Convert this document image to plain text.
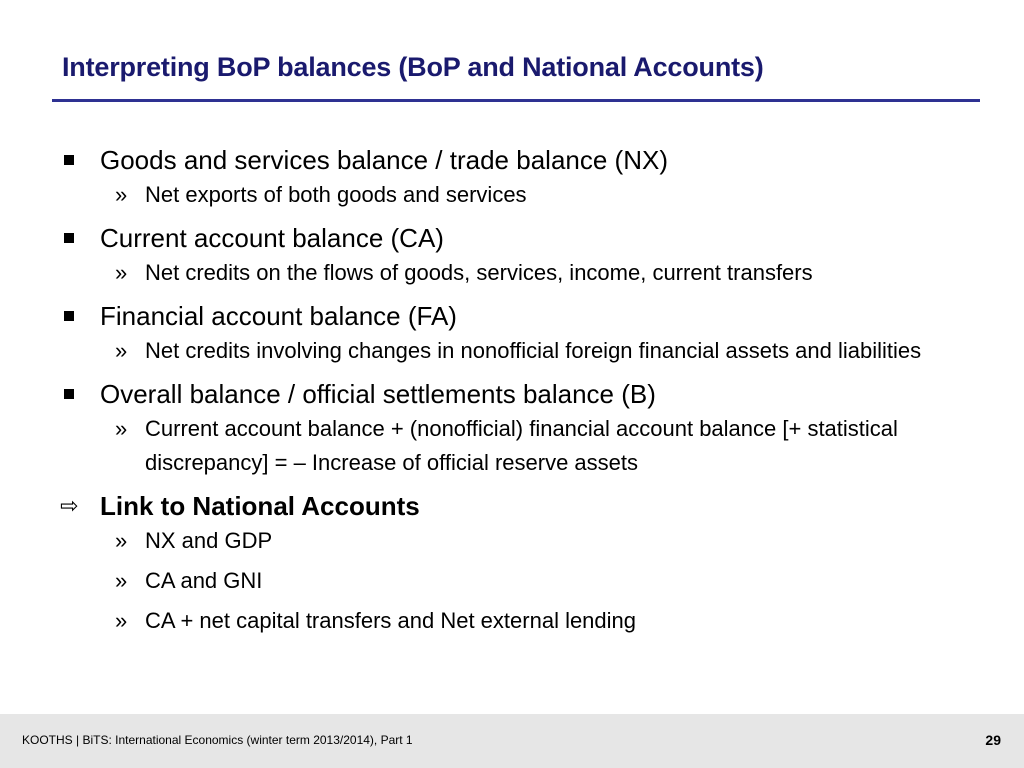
Interpreting BoP balances (BoP and National Accounts)
Goods and services balance / trade balance (NX)
» Net exports of both goods and services
Current account balance (CA)
» Net credits on the flows of goods, services, income, current transfers
Financial account balance (FA)
» Net credits involving changes in nonofficial foreign financial assets and liabilities
Overall balance / official settlements balance (B)
» Current account balance + (nonofficial) financial account balance [+ statistical discrepancy] = – Increase of official reserve assets
⇨ Link to National Accounts
» NX and GDP
» CA and GNI
» CA + net capital transfers and Net external lending
KOOTHS | BiTS: International Economics (winter term 2013/2014), Part 1	29
